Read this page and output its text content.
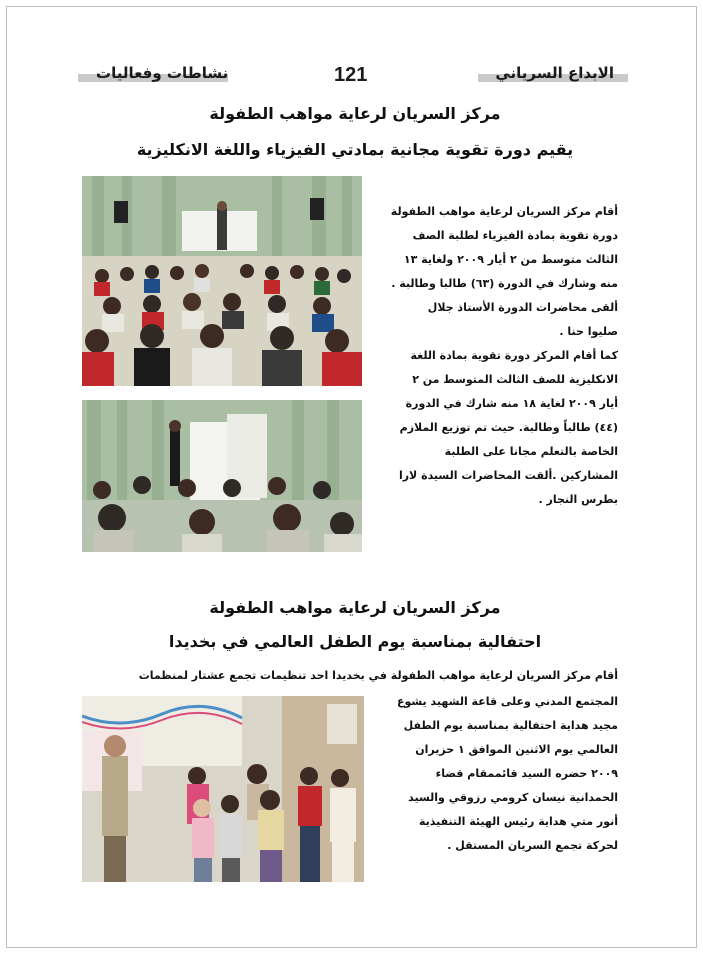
نشاطات وفعاليات	121	الابداع السرياني
مركز السريان لرعاية مواهب الطفولة
يقيم دورة تقوية مجانية بمادتي الفيزياء واللغة الانكليزية
أقام مركز السريان لرعاية مواهب الطفولة
دورة تقوية بمادة الفيزياء لطلبة الصف
الثالث متوسط من ٢ أيار ٢٠٠٩ ولغاية ١٣
منه وشارك في الدورة (٦٣) طالبا وطالبة .
ألقى محاضرات الدورة الأستاذ جلال
صليوا حنا .
كما أقام المركز دورة تقوية بمادة اللغة
الانكليزية للصف الثالث المتوسط من ٢
أيار ٢٠٠٩ لغاية ١٨ منه شارك في الدورة
(٤٤) طالباً وطالبة. حيث تم توزيع الملازم
الخاصة بالتعلم مجانا على الطلبة
المشاركين .ألقت المحاضرات السيدة لارا
بطرس النجار .
مركز السريان لرعاية مواهب الطفولة
احتفالية بمناسبة يوم الطفل العالمي في بخديدا
أقام مركز السريان لرعاية مواهب الطفولة في بخديدا احد تنظيمات تجمع عشتار لمنظمات
المجتمع المدني وعلى قاعة الشهيد يشوع
مجيد هداية احتفالية بمناسبة يوم الطفل
العالمي يوم الاثنين الموافق ١ حزيران
٢٠٠٩ حضره السيد قائممقام قضاء
الحمدانية نيسان كرومي رزوقي والسيد
أنور متي هداية رئيس الهيئة التنفيذية
لحركة تجمع السريان المستقل .
